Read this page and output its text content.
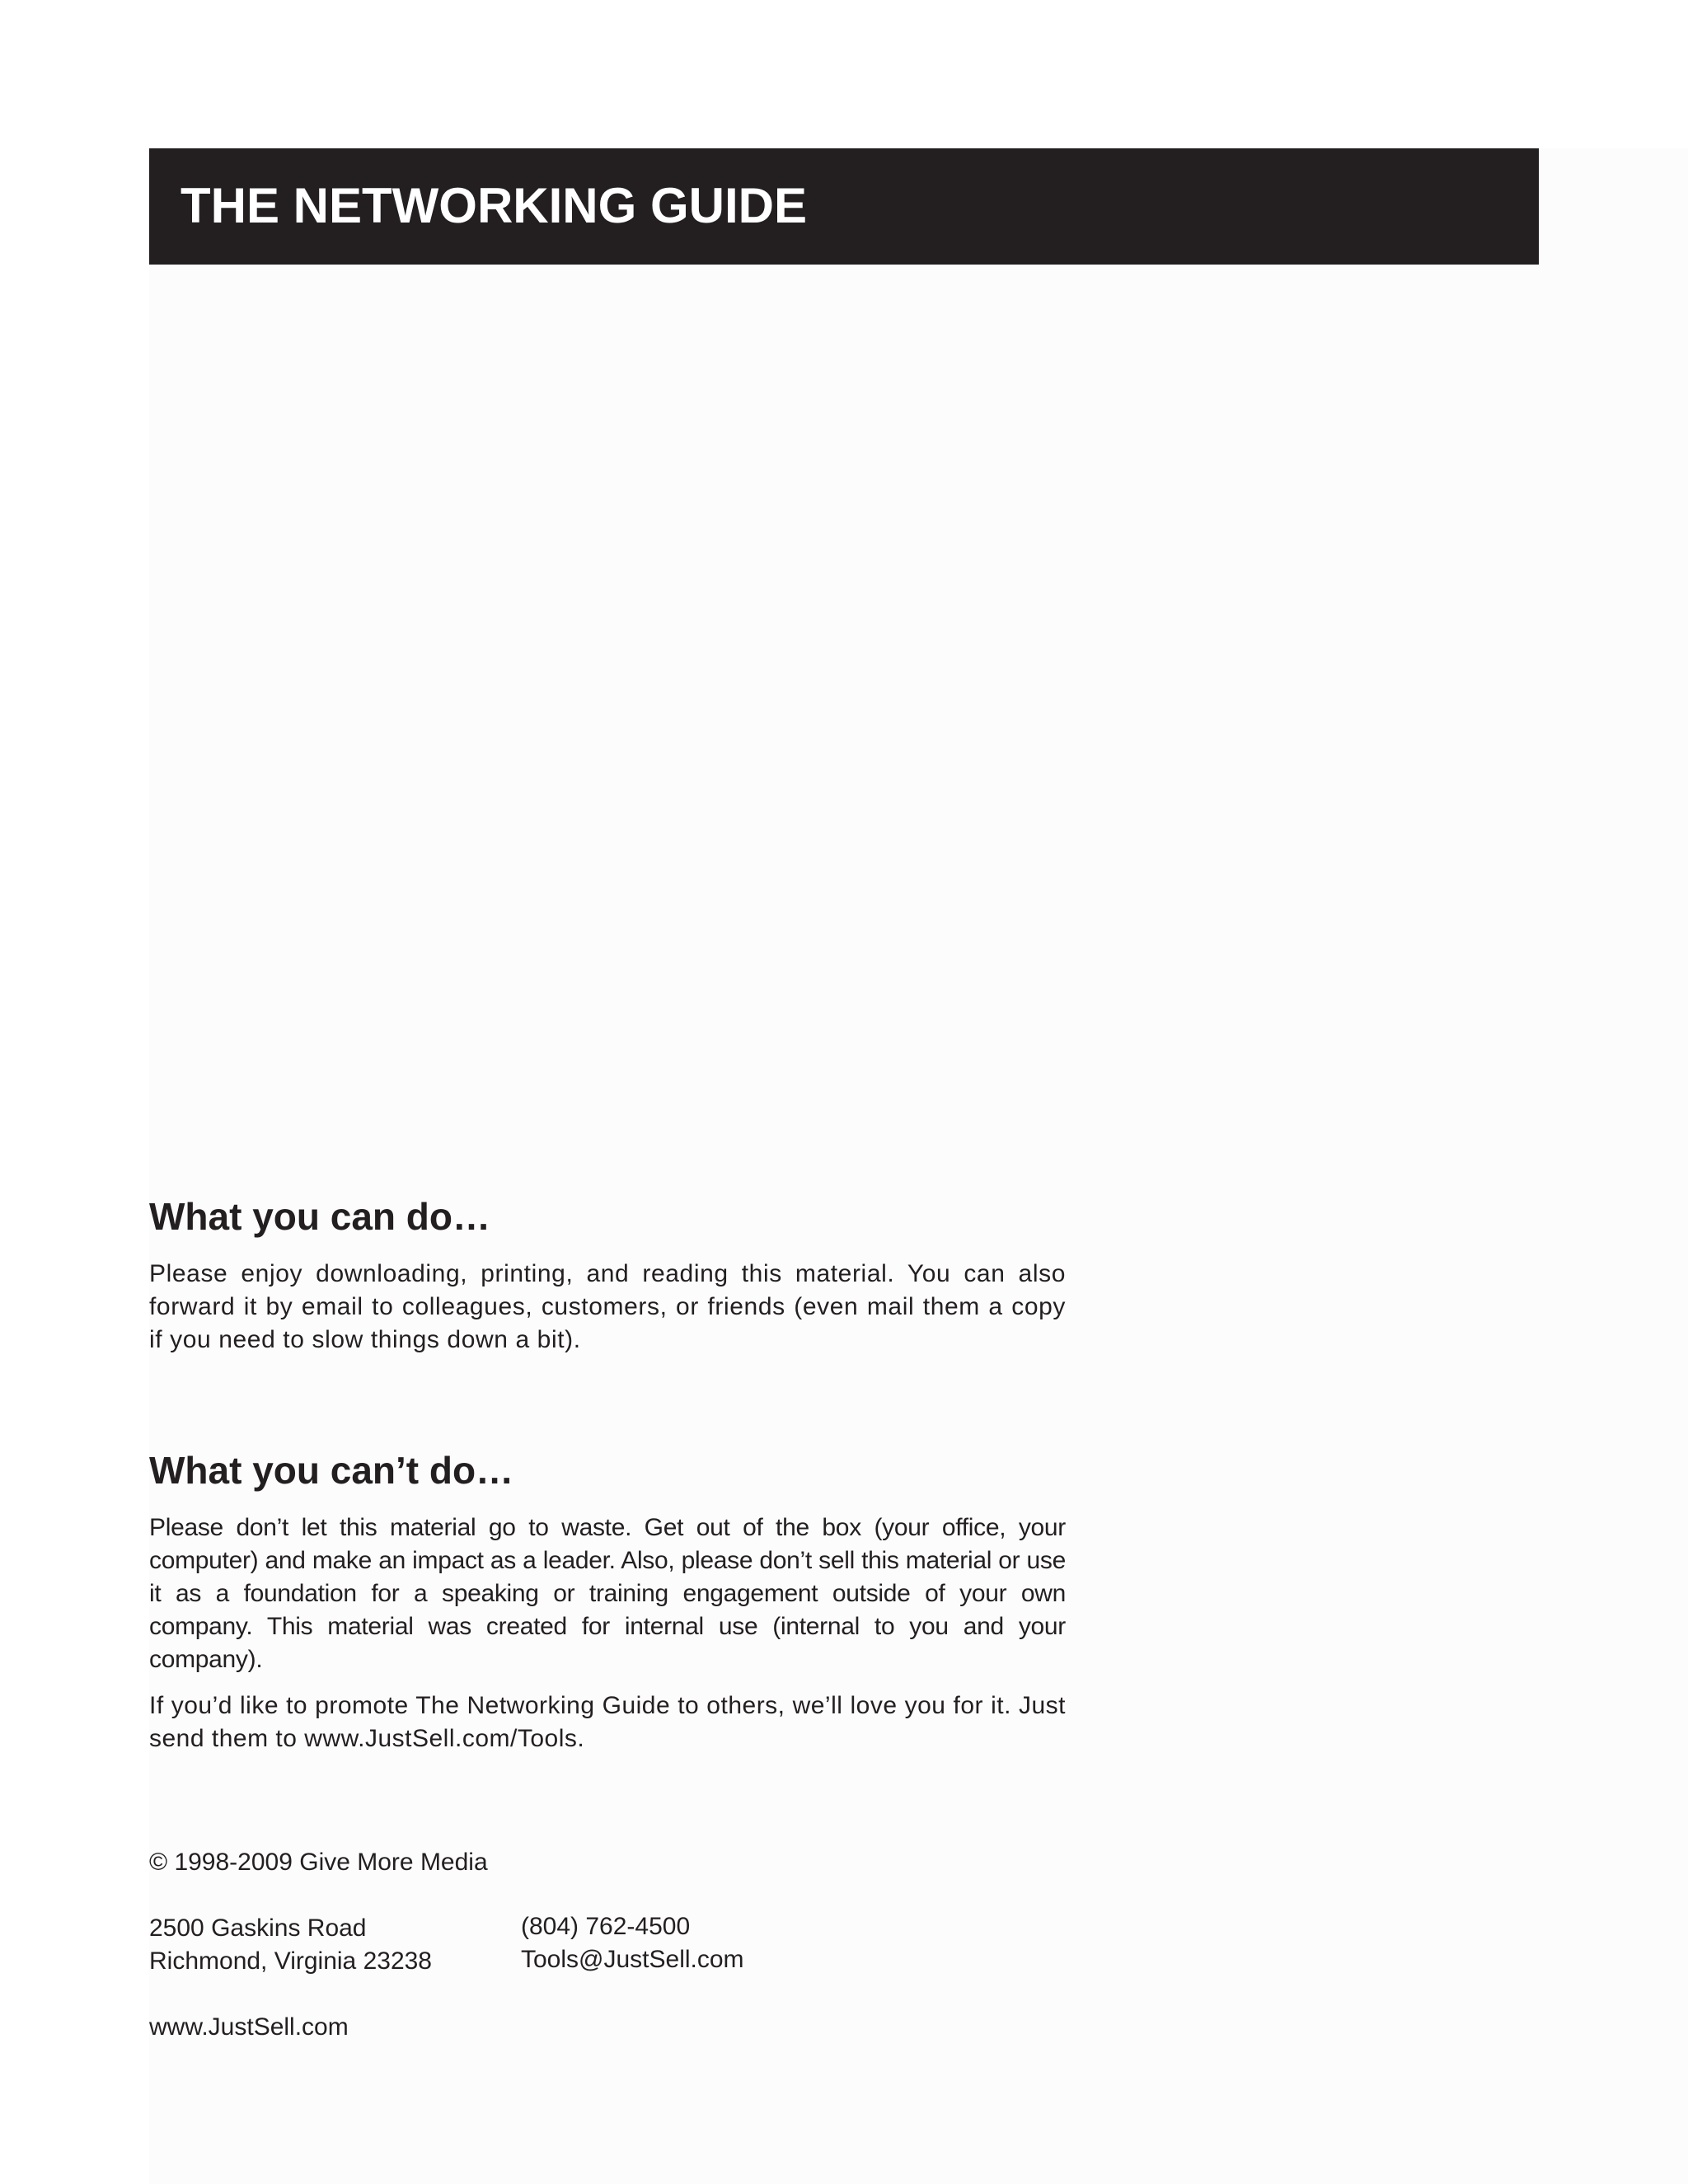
THE NETWORKING GUIDE
What you can do…

Please enjoy downloading, printing, and reading this material. You can also forward it by email to colleagues, customers, or friends (even mail them a copy if you need to slow things down a bit).

What you can’t do…

Please don’t let this material go to waste. Get out of the box (your office, your computer) and make an impact as a leader. Also, please don’t sell this material or use it as a foundation for a speaking or training engagement outside of your own company. This material was created for internal use (internal to you and your company).

If you’d like to promote The Networking Guide to others, we’ll love you for it. Just send them to www.JustSell.com/Tools.

© 1998-2009 Give More Media

2500 Gaskins Road

Richmond, Virginia 23238

(804) 762-4500

Tools@JustSell.com

www.JustSell.com
